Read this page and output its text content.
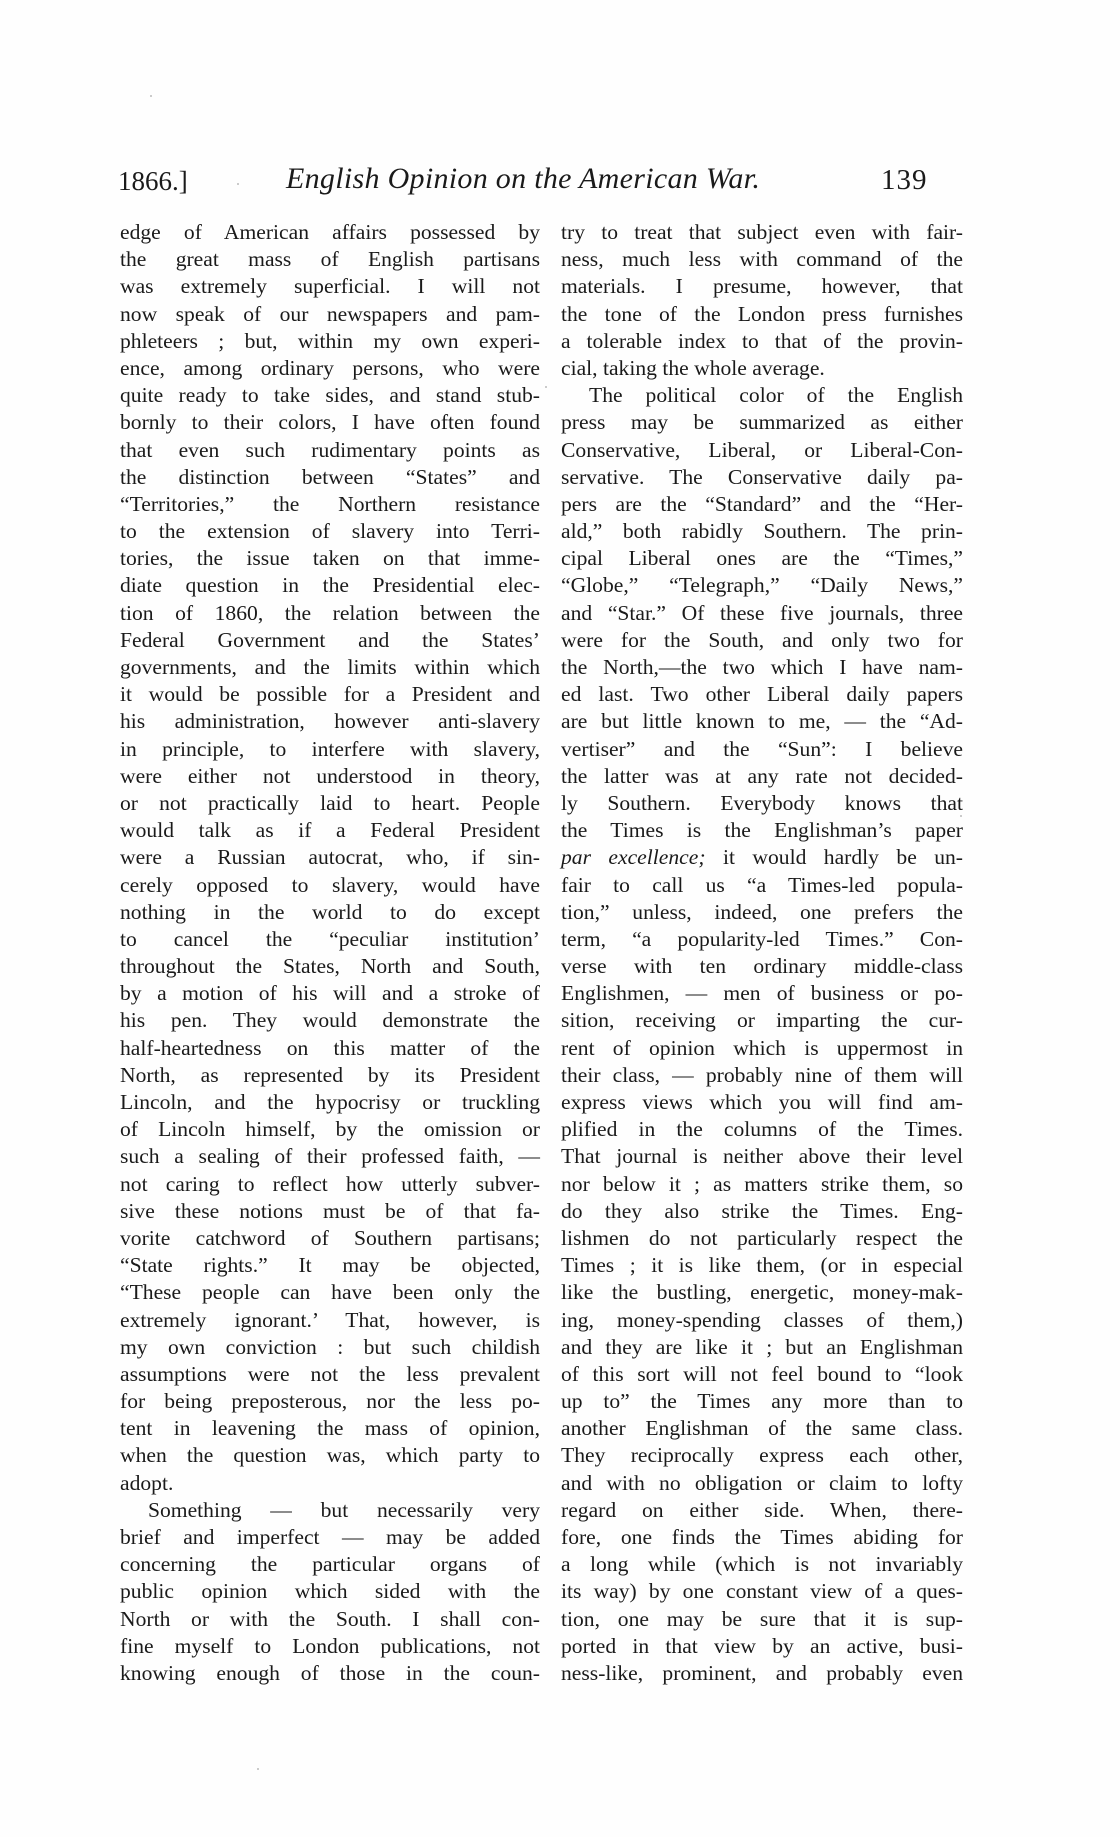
1866.]	English Opinion on the American War.	139
edge of American affairs possessed by
the great mass of English partisans
was extremely superficial. I will not
now speak of our newspapers and pam-
phleteers ; but, within my own experi-
ence, among ordinary persons, who were
quite ready to take sides, and stand stub-
bornly to their colors, I have often found
that even such rudimentary points as
the distinction between “States” and
“Territories,” the Northern resistance
to the extension of slavery into Terri-
tories, the issue taken on that imme-
diate question in the Presidential elec-
tion of 1860, the relation between the
Federal Government and the States’
governments, and the limits within which
it would be possible for a President and
his administration, however anti-slavery
in principle, to interfere with slavery,
were either not understood in theory,
or not practically laid to heart. People
would talk as if a Federal President
were a Russian autocrat, who, if sin-
cerely opposed to slavery, would have
nothing in the world to do except
to cancel the “peculiar institution’
throughout the States, North and South,
by a motion of his will and a stroke of
his pen. They would demonstrate the
half-heartedness on this matter of the
North, as represented by its President
Lincoln, and the hypocrisy or truckling
of Lincoln himself, by the omission or
such a sealing of their professed faith, —
not caring to reflect how utterly subver-
sive these notions must be of that fa-
vorite catchword of Southern partisans;
“State rights.” It may be objected,
“These people can have been only the
extremely ignorant.’ That, however, is
my own conviction : but such childish
assumptions were not the less prevalent
for being preposterous, nor the less po-
tent in leavening the mass of opinion,
when the question was, which party to
adopt.
Something — but necessarily very
brief and imperfect — may be added
concerning the particular organs of
public opinion which sided with the
North or with the South. I shall con-
fine myself to London publications, not
knowing enough of those in the coun-
try to treat that subject even with fair-
ness, much less with command of the
materials. I presume, however, that
the tone of the London press furnishes
a tolerable index to that of the provin-
cial, taking the whole average.
The political color of the English
press may be summarized as either
Conservative, Liberal, or Liberal-Con-
servative. The Conservative daily pa-
pers are the “Standard” and the “Her-
ald,” both rabidly Southern. The prin-
cipal Liberal ones are the “Times,”
“Globe,” “Telegraph,” “Daily News,”
and “Star.” Of these five journals, three
were for the South, and only two for
the North,—the two which I have nam-
ed last. Two other Liberal daily papers
are but little known to me, — the “Ad-
vertiser” and the “Sun”: I believe
the latter was at any rate not decided-
ly Southern. Everybody knows that
the Times is the Englishman’s paper
par excellence; it would hardly be un-
fair to call us “a Times-led popula-
tion,” unless, indeed, one prefers the
term, “a popularity-led Times.” Con-
verse with ten ordinary middle-class
Englishmen, — men of business or po-
sition, receiving or imparting the cur-
rent of opinion which is uppermost in
their class, — probably nine of them will
express views which you will find am-
plified in the columns of the Times.
That journal is neither above their level
nor below it ; as matters strike them, so
do they also strike the Times. Eng-
lishmen do not particularly respect the
Times ; it is like them, (or in especial
like the bustling, energetic, money-mak-
ing, money-spending classes of them,)
and they are like it ; but an Englishman
of this sort will not feel bound to “look
up to” the Times any more than to
another Englishman of the same class.
They reciprocally express each other,
and with no obligation or claim to lofty
regard on either side. When, there-
fore, one finds the Times abiding for
a long while (which is not invariably
its way) by one constant view of a ques-
tion, one may be sure that it is sup-
ported in that view by an active, busi-
ness-like, prominent, and probably even
